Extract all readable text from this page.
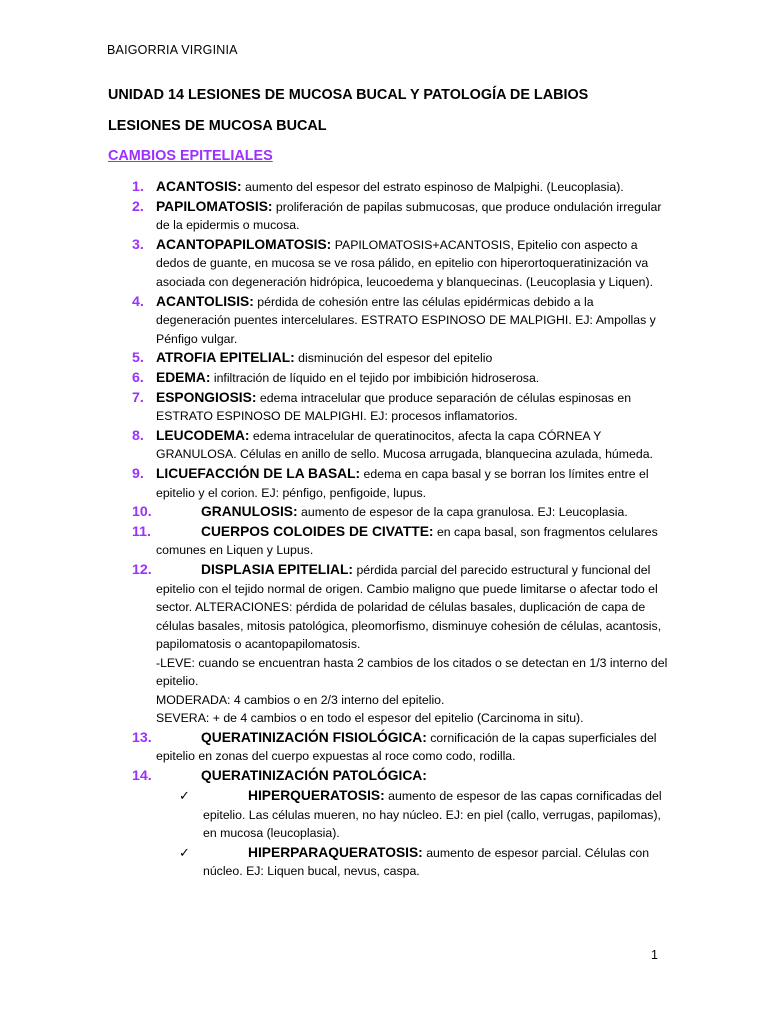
BAIGORRIA VIRGINIA
UNIDAD 14 LESIONES DE MUCOSA BUCAL Y PATOLOGÍA DE LABIOS
LESIONES DE MUCOSA BUCAL
CAMBIOS EPITELIALES
1. ACANTOSIS: aumento del espesor del estrato espinoso de Malpighi. (Leucoplasia).
2. PAPILOMATOSIS: proliferación de papilas submucosas, que produce ondulación irregular de la epidermis o mucosa.
3. ACANTOPAPILOMATOSIS: PAPILOMATOSIS+ACANTOSIS, Epitelio con aspecto a dedos de guante, en mucosa se ve rosa pálido, en epitelio con hiperortoqueratinización va asociada con degeneración hidrópica, leucoedema y blanquecinas. (Leucoplasia y Liquen).
4. ACANTOLISIS: pérdida de cohesión entre las células epidérmicas debido a la degeneración puentes intercelulares. ESTRATO ESPINOSO DE MALPIGHI. EJ: Ampollas y Pénfigo vulgar.
5. ATROFIA EPITELIAL: disminución del espesor del epitelio
6. EDEMA: infiltración de líquido en el tejido por imbibición hidroserosa.
7. ESPONGIOSIS: edema intracelular que produce separación de células espinosas en ESTRATO ESPINOSO DE MALPIGHI. EJ: procesos inflamatorios.
8. LEUCODEMA: edema intracelular de queratinocitos, afecta la capa CÓRNEA Y GRANULOSA. Células en anillo de sello. Mucosa arrugada, blanquecina azulada, húmeda.
9. LICUEFACCIÓN DE LA BASAL: edema en capa basal y se borran los límites entre el epitelio y el corion. EJ: pénfigo, penfigoide, lupus.
10.	GRANULOSIS: aumento de espesor de la capa granulosa. EJ: Leucoplasia.
11.	CUERPOS COLOIDES DE CIVATTE: en capa basal, son fragmentos celulares comunes en Liquen y Lupus.
12.	DISPLASIA EPITELIAL: pérdida parcial del parecido estructural y funcional del epitelio con el tejido normal de origen. Cambio maligno que puede limitarse o afectar todo el sector. ALTERACIONES: pérdida de polaridad de células basales, duplicación de capa de células basales, mitosis patológica, pleomorfismo, disminuye cohesión de células, acantosis, papilomatosis o acantopapilomatosis.
-LEVE: cuando se encuentran hasta 2 cambios de los citados o se detectan en 1/3 interno del epitelio.
MODERADA: 4 cambios o en 2/3 interno del epitelio.
SEVERA: + de 4 cambios o en todo el espesor del epitelio (Carcinoma in situ).
13.	QUERATINIZACIÓN FISIOLÓGICA: cornificación de la capas superficiales del epitelio en zonas del cuerpo expuestas al roce como codo, rodilla.
14.	QUERATINIZACIÓN PATOLÓGICA:
✓	HIPERQUERATOSIS: aumento de espesor de las capas cornificadas del epitelio. Las células mueren, no hay núcleo. EJ: en piel (callo, verrugas, papilomas), en mucosa (leucoplasia).
✓	HIPERPARAQUERATOSIS: aumento de espesor parcial. Células con núcleo. EJ: Liquen bucal, nevus, caspa.
1
